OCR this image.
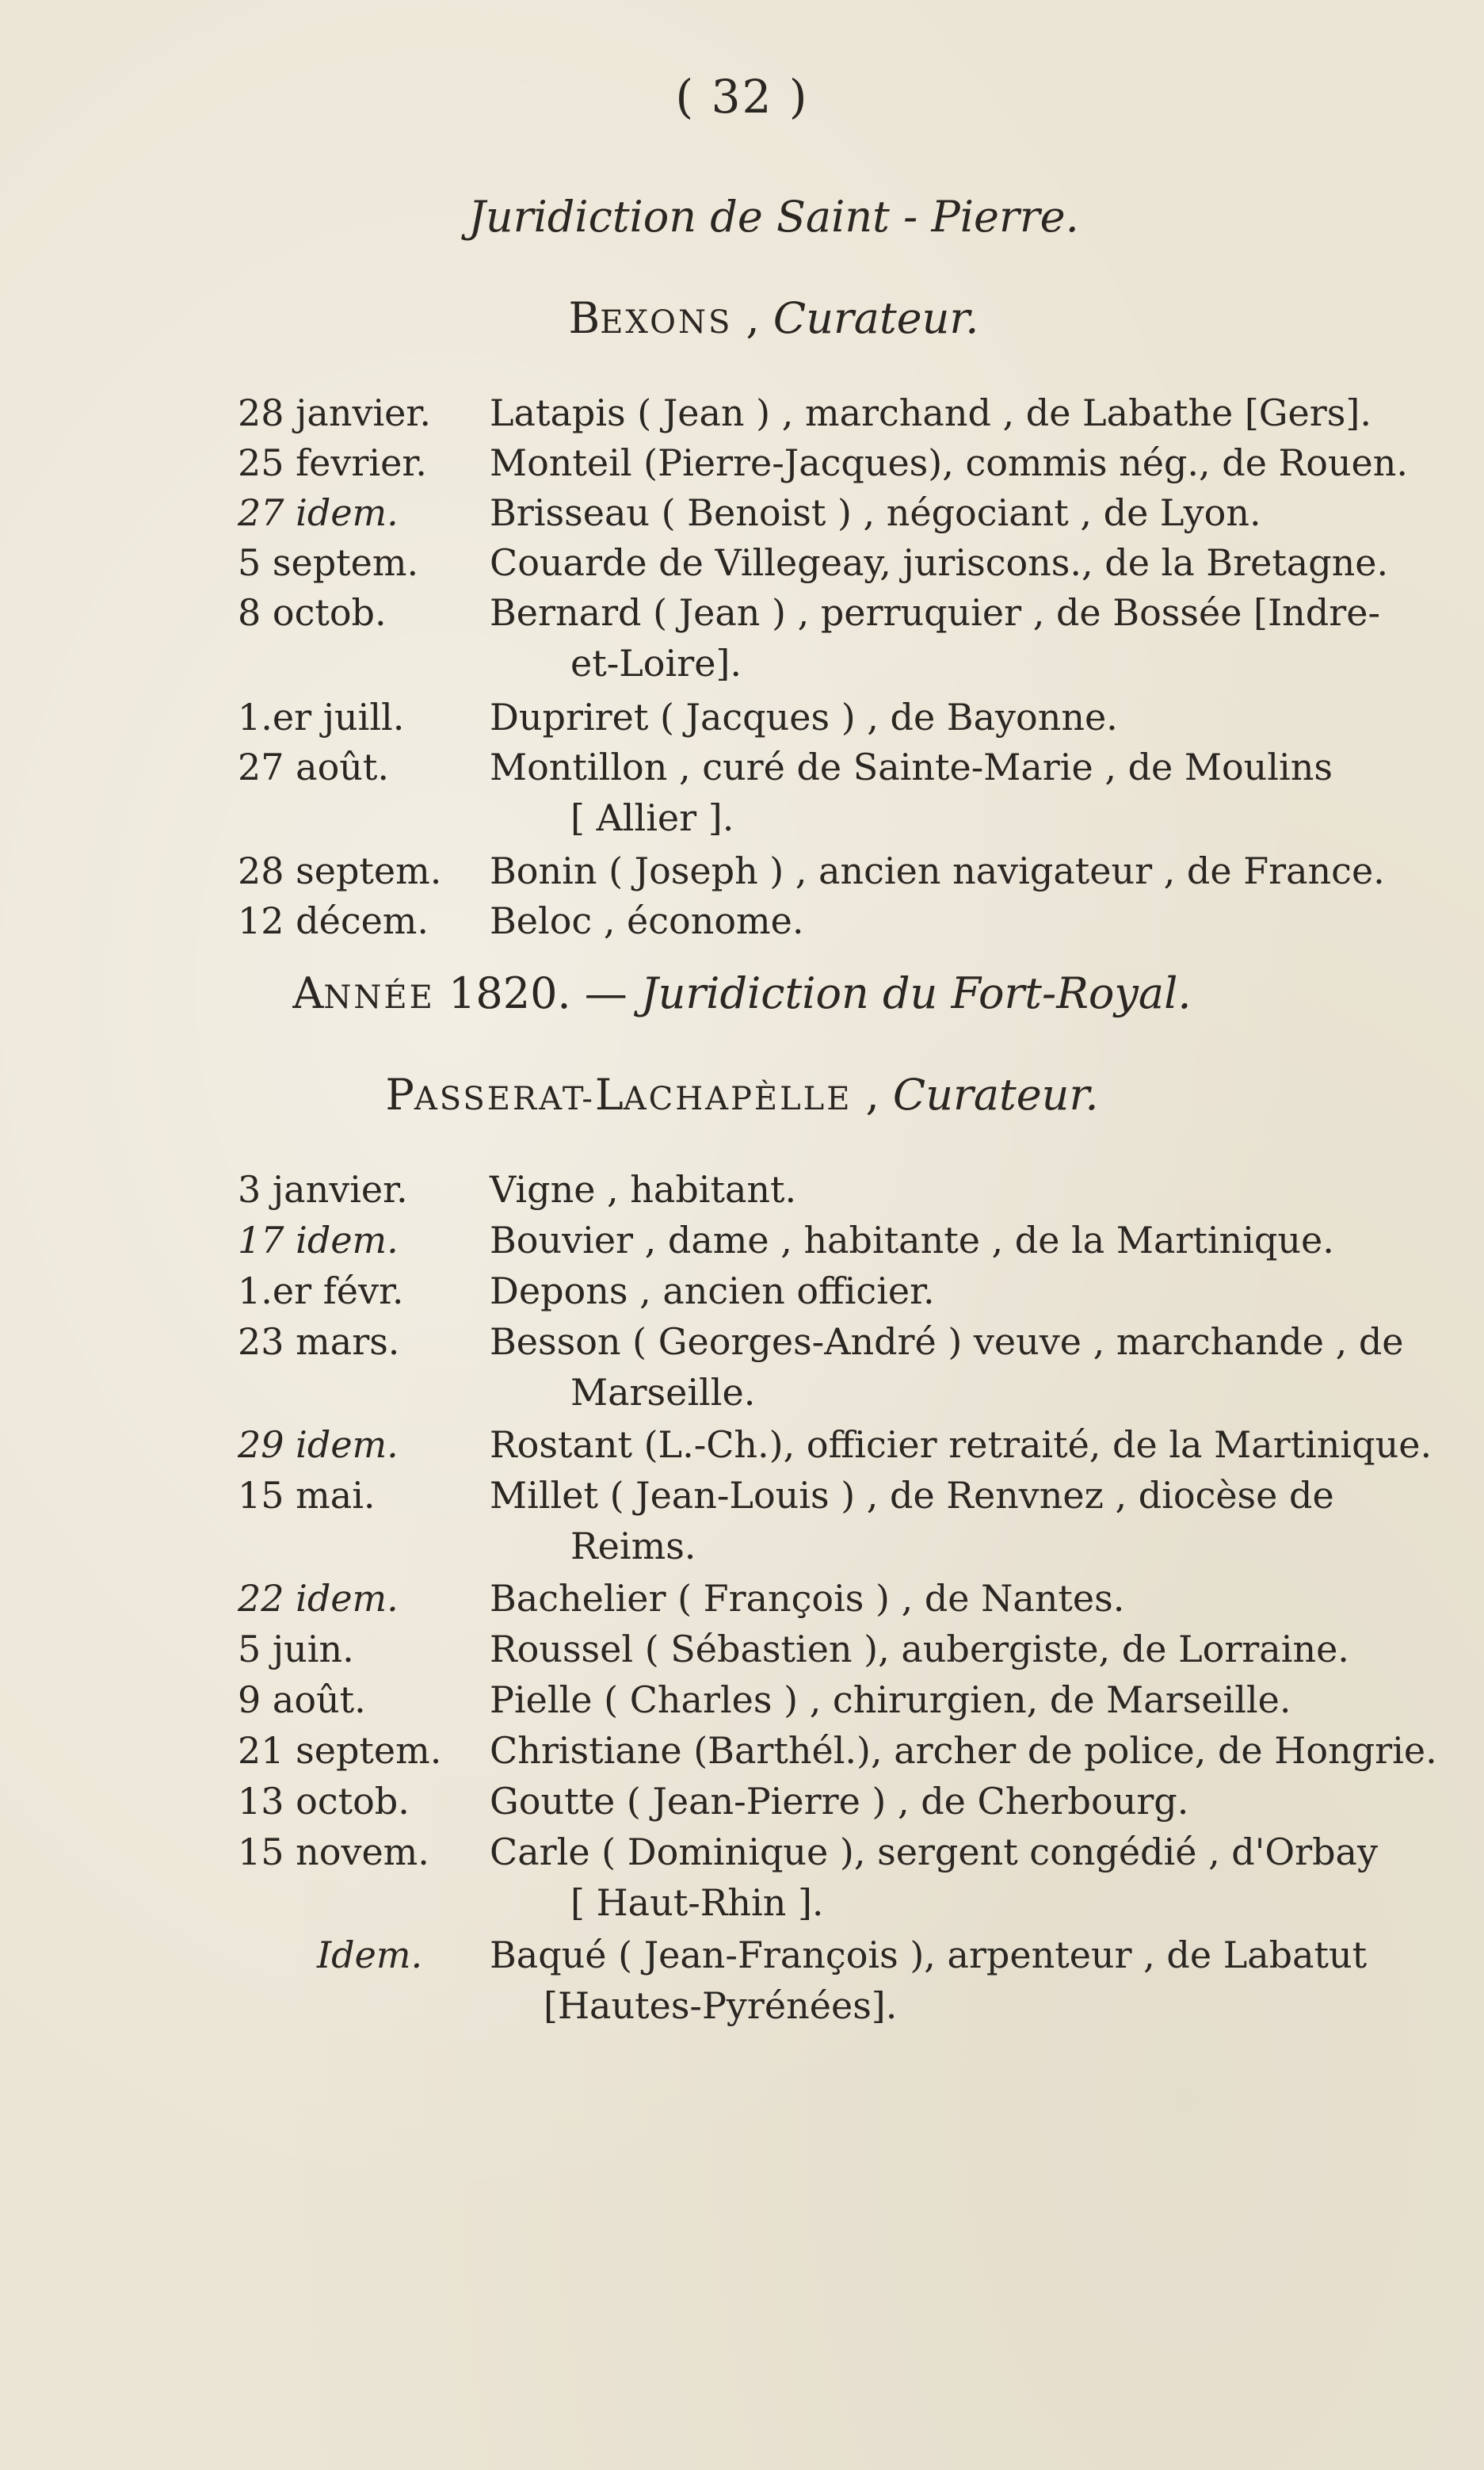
( 32 )
Juridiction de Saint - Pierre.
BEXONS , Curateur.
28 janvier.	Latapis ( Jean ) , marchand , de Labathe [Gers].
25 fevrier.	Monteil (Pierre-Jacques), commis nég., de Rouen.
27 idem.	Brisseau ( Benoist ) , négociant , de Lyon.
5 septem.	Couarde de Villegeay, juriscons., de la Bretagne.
8 octob.	Bernard ( Jean ) , perruquier , de Bossée [Indre-
et-Loire].
1.er juill.	Dupriret ( Jacques ) , de Bayonne.
27 août.	Montillon , curé de Sainte-Marie , de Moulins
[ Allier ].
28 septem.	Bonin ( Joseph ) , ancien navigateur , de France.
12 décem.	Beloc , économe.
ANNÉE 1820. — Juridiction du Fort-Royal.
PASSERAT-LACHAPÈLLE , Curateur.
3 janvier.	Vigne , habitant.
17 idem.	Bouvier , dame , habitante , de la Martinique.
1.er févr.	Depons , ancien officier.
23 mars.	Besson ( Georges-André ) veuve , marchande , de
Marseille.
29 idem.	Rostant (L.-Ch.), officier retraité, de la Martinique.
15 mai.	Millet ( Jean-Louis ) , de Renvnez , diocèse de
Reims.
22 idem.	Bachelier ( François ) , de Nantes.
5 juin.	Roussel ( Sébastien ), aubergiste, de Lorraine.
9 août.	Pielle ( Charles ) , chirurgien, de Marseille.
21 septem.	Christiane (Barthél.), archer de police, de Hongrie.
13 octob.	Goutte ( Jean-Pierre ) , de Cherbourg.
15 novem.	Carle ( Dominique ), sergent congédié , d'Orbay
[ Haut-Rhin ].
Idem.	Baqué ( Jean-François ), arpenteur , de Labatut
[Hautes-Pyrénées].
